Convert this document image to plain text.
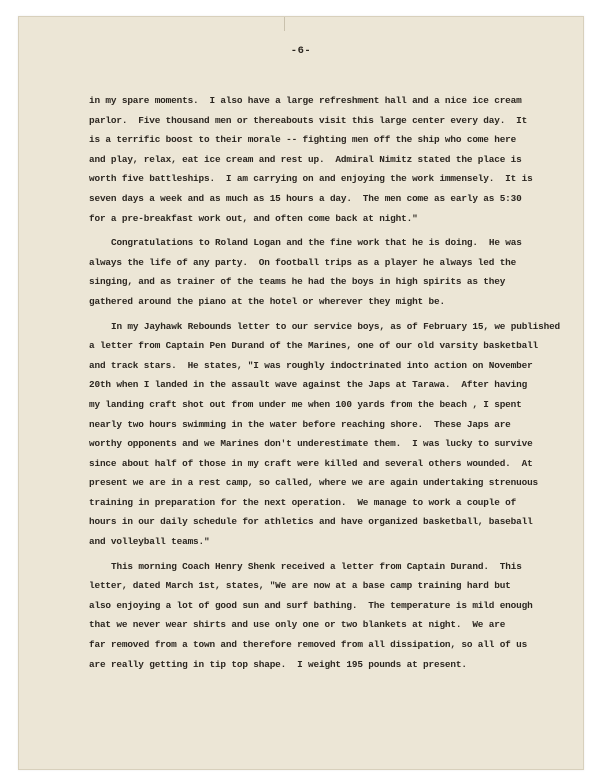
-6-
in my spare moments.  I also have a large refreshment hall and a nice ice cream
parlor.  Five thousand men or thereabouts visit this large center every day.  It
is a terrific boost to their morale -- fighting men off the ship who come here
and play, relax, eat ice cream and rest up.  Admiral Nimitz stated the place is
worth five battleships.  I am carrying on and enjoying the work immensely.  It is
seven days a week and as much as 15 hours a day.  The men come as early as 5:30
for a pre-breakfast work out, and often come back at night."
Congratulations to Roland Logan and the fine work that he is doing.  He was
always the life of any party.  On football trips as a player he always led the
singing, and as trainer of the teams he had the boys in high spirits as they
gathered around the piano at the hotel or wherever they might be.
In my Jayhawk Rebounds letter to our service boys, as of February 15, we published
a letter from Captain Pen Durand of the Marines, one of our old varsity basketball
and track stars.  He states, "I was roughly indoctrinated into action on November
20th when I landed in the assault wave against the Japs at Tarawa.  After having
my landing craft shot out from under me when 100 yards from the beach , I spent
nearly two hours swimming in the water before reaching shore.  These Japs are
worthy opponents and we Marines don't underestimate them.  I was lucky to survive
since about half of those in my craft were killed and several others wounded.  At
present we are in a rest camp, so called, where we are again undertaking strenuous
training in preparation for the next operation.  We manage to work a couple of
hours in our daily schedule for athletics and have organized basketball, baseball
and volleyball teams."
This morning Coach Henry Shenk received a letter from Captain Durand.  This
letter, dated March 1st, states, "We are now at a base camp training hard but
also enjoying a lot of good sun and surf bathing.  The temperature is mild enough
that we never wear shirts and use only one or two blankets at night.  We are
far removed from a town and therefore removed from all dissipation, so all of us
are really getting in tip top shape.  I weight 195 pounds at present.
